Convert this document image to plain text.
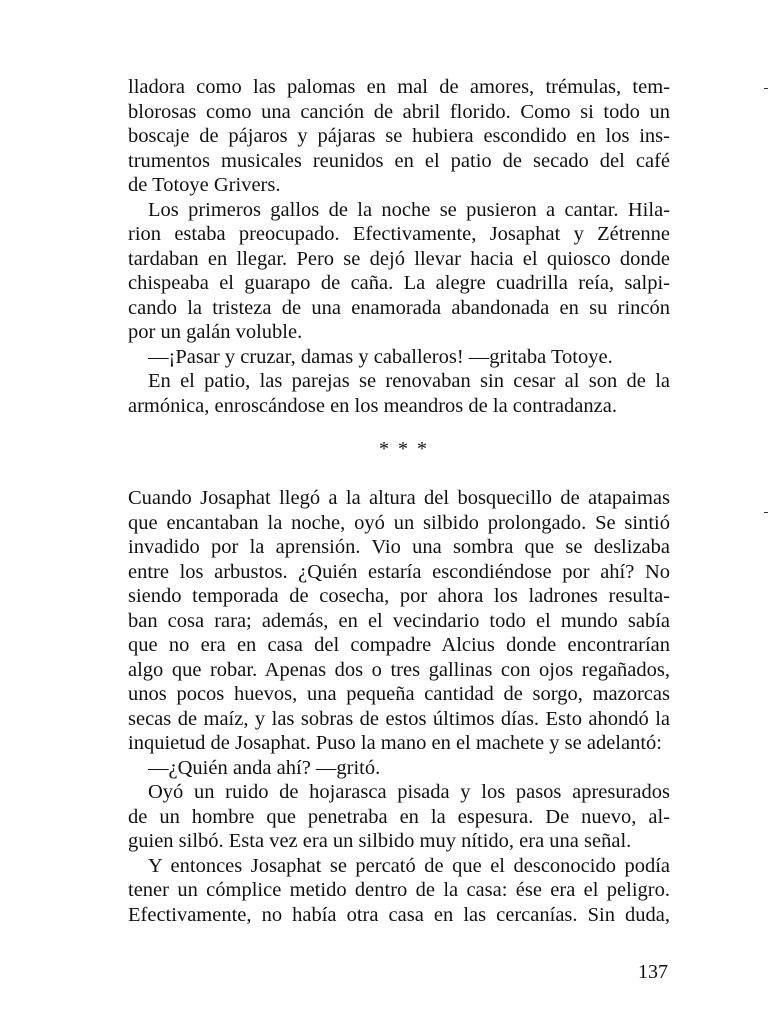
lladora como las palomas en mal de amores, trémulas, tem-
blorosas como una canción de abril florido. Como si todo un
boscaje de pájaros y pájaras se hubiera escondido en los ins-
trumentos musicales reunidos en el patio de secado del café
de Totoye Grivers.
Los primeros gallos de la noche se pusieron a cantar. Hila-
rion estaba preocupado. Efectivamente, Josaphat y Zétrenne
tardaban en llegar. Pero se dejó llevar hacia el quiosco donde
chispeaba el guarapo de caña. La alegre cuadrilla reía, salpi-
cando la tristeza de una enamorada abandonada en su rincón
por un galán voluble.
—¡Pasar y cruzar, damas y caballeros! —gritaba Totoye.
En el patio, las parejas se renovaban sin cesar al son de la
armónica, enroscándose en los meandros de la contradanza.
* * *
Cuando Josaphat llegó a la altura del bosquecillo de atapaimas
que encantaban la noche, oyó un silbido prolongado. Se sintió
invadido por la aprensión. Vio una sombra que se deslizaba
entre los arbustos. ¿Quién estaría escondiéndose por ahí? No
siendo temporada de cosecha, por ahora los ladrones resulta-
ban cosa rara; además, en el vecindario todo el mundo sabía
que no era en casa del compadre Alcius donde encontrarían
algo que robar. Apenas dos o tres gallinas con ojos regañados,
unos pocos huevos, una pequeña cantidad de sorgo, mazorcas
secas de maíz, y las sobras de estos últimos días. Esto ahondó la
inquietud de Josaphat. Puso la mano en el machete y se adelantó:
—¿Quién anda ahí? —gritó.
Oyó un ruido de hojarasca pisada y los pasos apresurados
de un hombre que penetraba en la espesura. De nuevo, al-
guien silbó. Esta vez era un silbido muy nítido, era una señal.
Y entonces Josaphat se percató de que el desconocido podía
tener un cómplice metido dentro de la casa: ése era el peligro.
Efectivamente, no había otra casa en las cercanías. Sin duda,
137
